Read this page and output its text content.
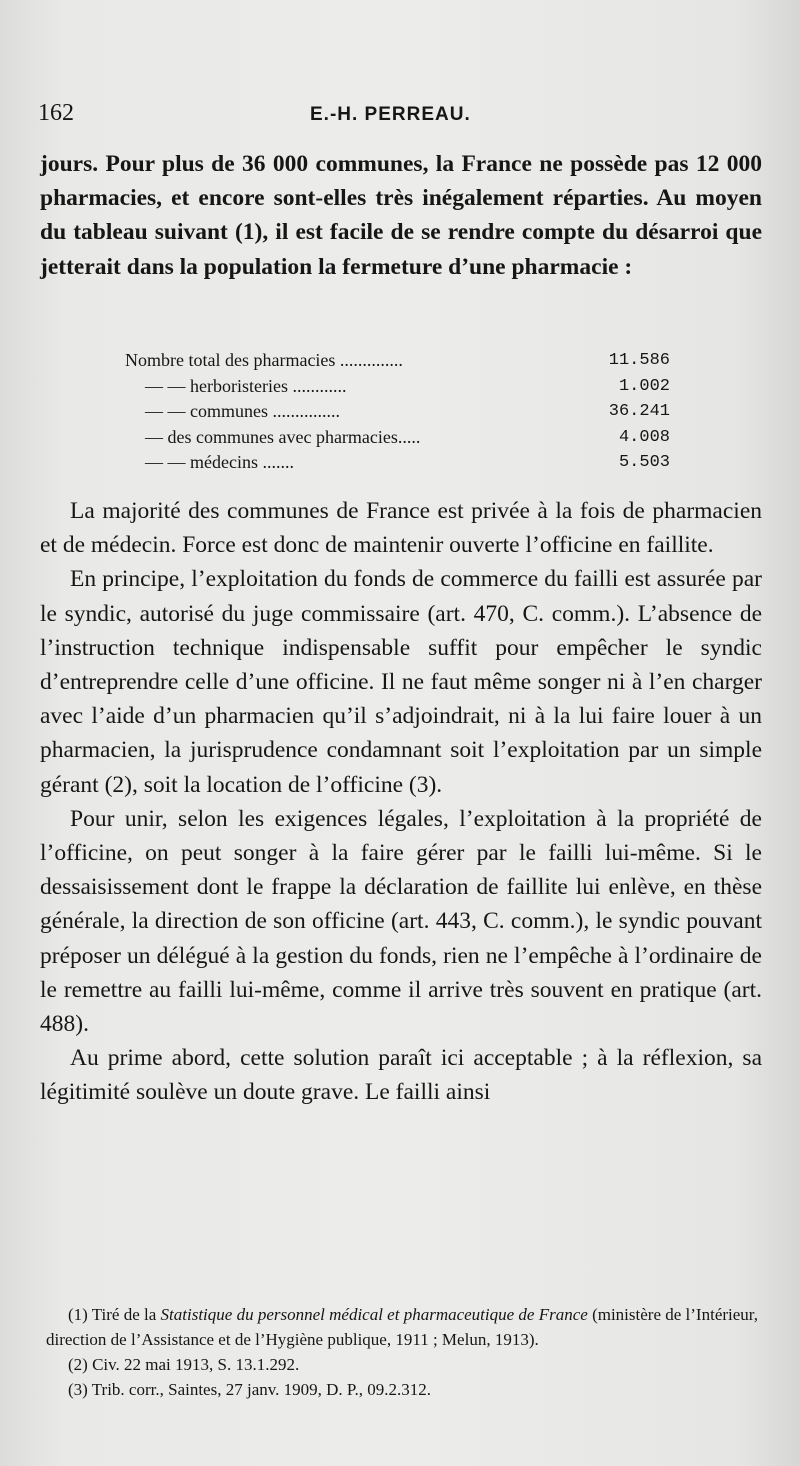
162	E.-H. PERREAU.

jours. Pour plus de 36 000 communes, la France ne possède pas 12 000 pharmacies, et encore sont-elles très inégalement réparties. Au moyen du tableau suivant (1), il est facile de se rendre compte du désarroi que jetterait dans la population la fermeture d’une pharmacie :

Nombre total des pharmacies ..............	11.586
— — herboristeries ............	1.002
— — communes ...............	36.241
— des communes avec pharmacies.....	4.008
— — médecins .......	5.503

La majorité des communes de France est privée à la fois de pharmacien et de médecin. Force est donc de maintenir ouverte l’officine en faillite.

En principe, l’exploitation du fonds de commerce du failli est assurée par le syndic, autorisé du juge commissaire (art. 470, C. comm.). L’absence de l’instruction technique indispensable suffit pour empêcher le syndic d’entreprendre celle d’une officine. Il ne faut même songer ni à l’en charger avec l’aide d’un pharmacien qu’il s’adjoindrait, ni à la lui faire louer à un pharmacien, la jurisprudence condamnant soit l’exploitation par un simple gérant (2), soit la location de l’officine (3).

Pour unir, selon les exigences légales, l’exploitation à la propriété de l’officine, on peut songer à la faire gérer par le failli lui-même. Si le dessaisissement dont le frappe la déclaration de faillite lui enlève, en thèse générale, la direction de son officine (art. 443, C. comm.), le syndic pouvant préposer un délégué à la gestion du fonds, rien ne l’empêche à l’ordinaire de le remettre au failli lui-même, comme il arrive très souvent en pratique (art. 488).

Au prime abord, cette solution paraît ici acceptable ; à la réflexion, sa légitimité soulève un doute grave. Le failli ainsi

(1) Tiré de la Statistique du personnel médical et pharmaceutique de France (ministère de l’Intérieur, direction de l’Assistance et de l’Hygiène publique, 1911 ; Melun, 1913).

(2) Civ. 22 mai 1913, S. 13.1.292.

(3) Trib. corr., Saintes, 27 janv. 1909, D. P., 09.2.312.
